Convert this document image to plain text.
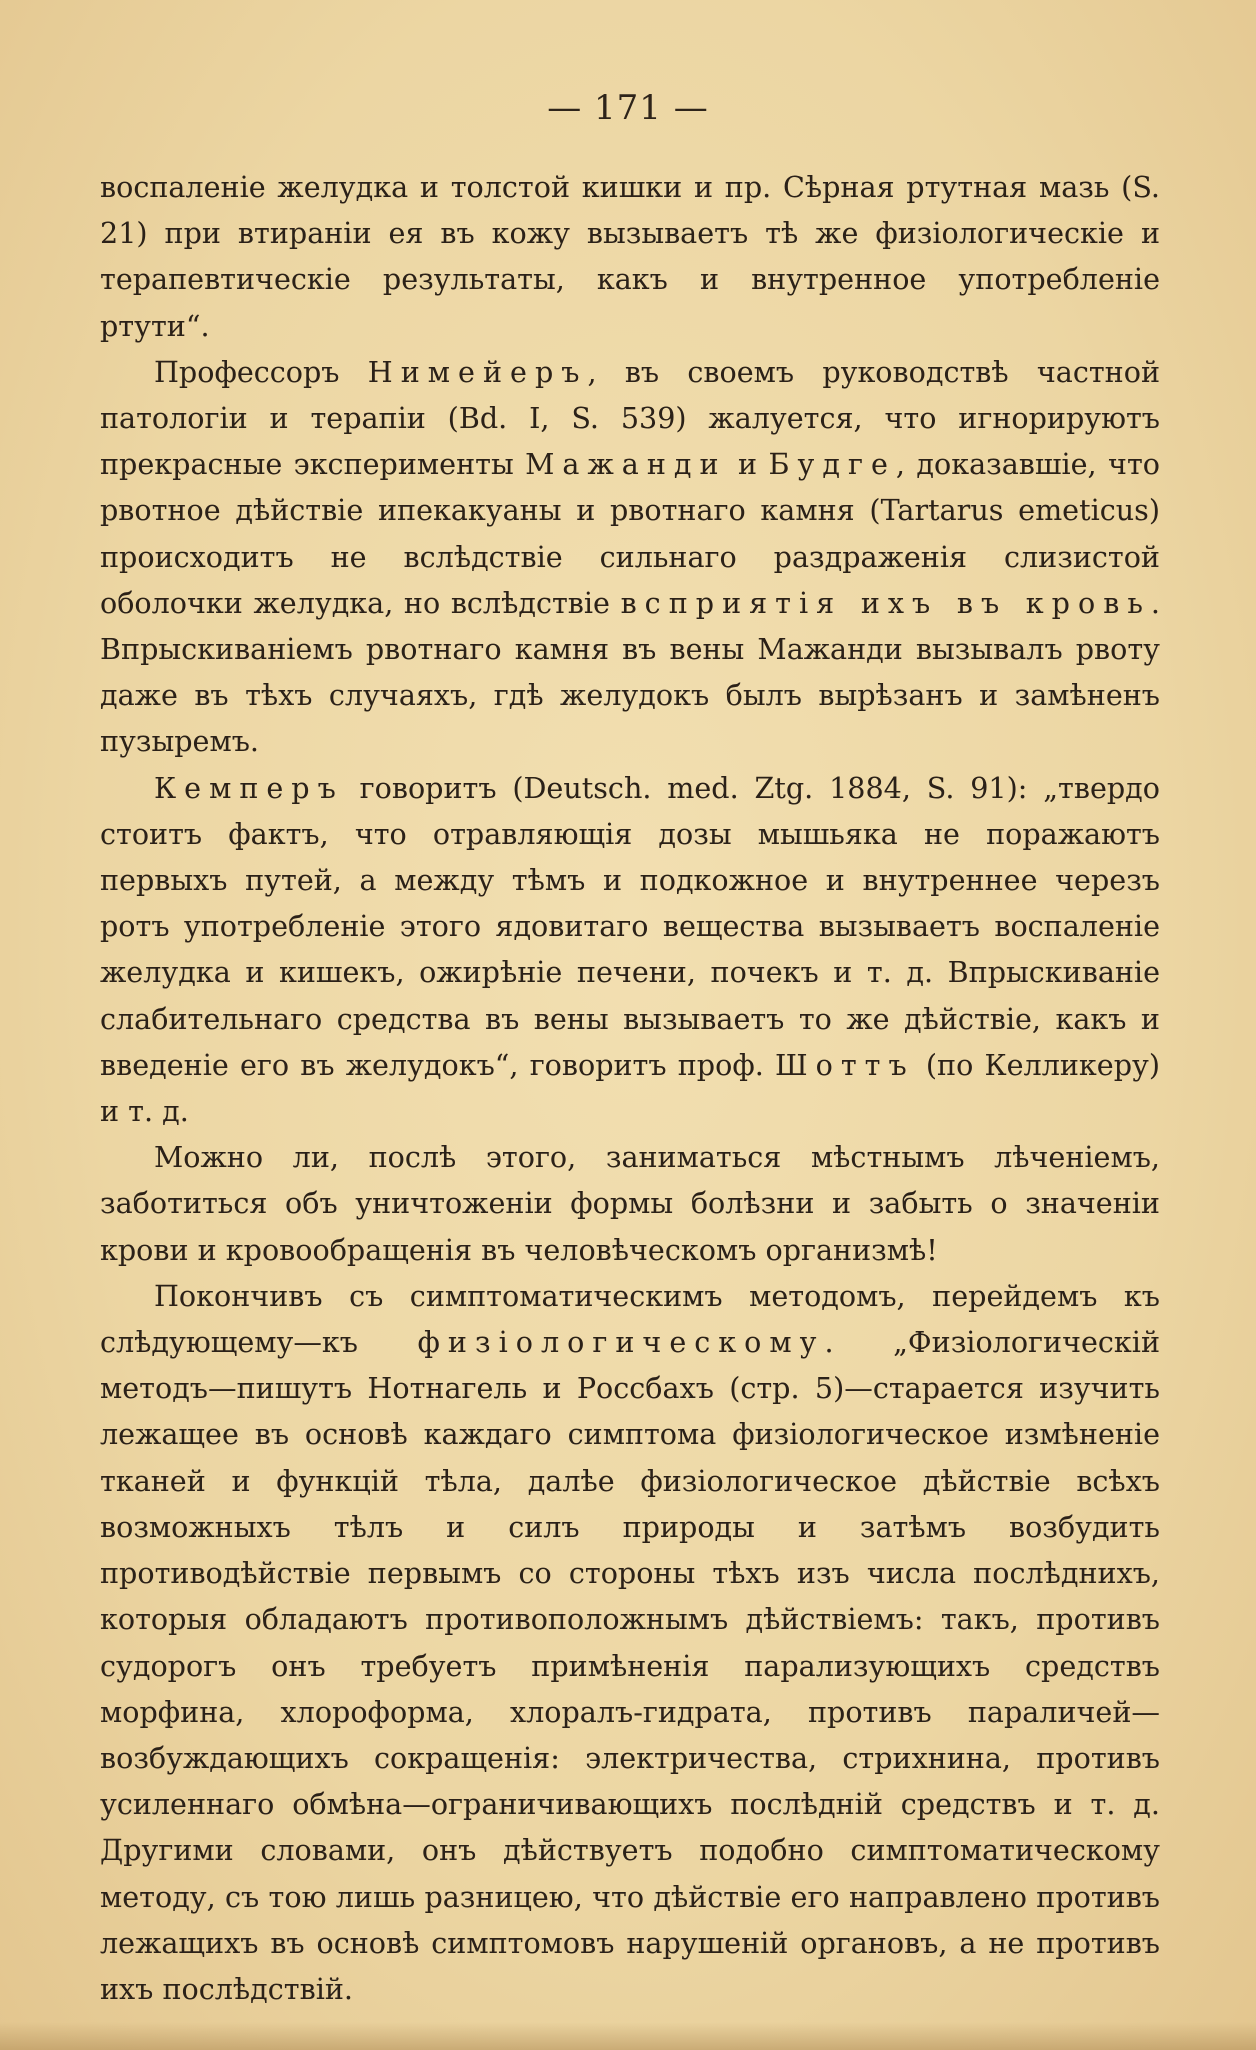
— 171 —

воспаленіе желудка и толстой кишки и пр. Сѣрная ртутная мазь (S. 21) при втираніи ея въ кожу вызываетъ тѣ же физіологическіе и терапевтическіе результаты, какъ и внутренное употребленіе ртути“.

Профессоръ Нимейеръ, въ своемъ руководствѣ частной патологіи и терапіи (Bd. I, S. 539) жалуется, что игнорируютъ прекрасные эксперименты Мажанди и Будге, доказавшіе, что рвотное дѣйствіе ипекакуаны и рвотнаго камня (Tartarus emeticus) происходитъ не вслѣдствіе сильнаго раздраженія слизистой оболочки желудка, но вслѣдствіе всприятія ихъ въ кровь. Впрыскиваніемъ рвотнаго камня въ вены Мажанди вызывалъ рвоту даже въ тѣхъ случаяхъ, гдѣ желудокъ былъ вырѣзанъ и замѣненъ пузыремъ.

Кемперъ говоритъ (Deutsch. med. Ztg. 1884, S. 91): „твердо стоитъ фактъ, что отравляющія дозы мышьяка не поражаютъ первыхъ путей, а между тѣмъ и подкожное и внутреннее черезъ ротъ употребленіе этого ядовитаго вещества вызываетъ воспаленіе желудка и кишекъ, ожирѣніе печени, почекъ и т. д. Впрыскиваніе слабительнаго средства въ вены вызываетъ то же дѣйствіе, какъ и введеніе его въ желудокъ“, говоритъ проф. Шоттъ (по Келликеру) и т. д.

Можно ли, послѣ этого, заниматься мѣстнымъ лѣченіемъ, заботиться объ уничтоженіи формы болѣзни и забыть о значеніи крови и кровообращенія въ человѣческомъ организмѣ!

Покончивъ съ симптоматическимъ методомъ, перейдемъ къ слѣдующему—къ физіологическому. „Физіологическій методъ—пишутъ Нотнагель и Россбахъ (стр. 5)—старается изучить лежащее въ основѣ каждаго симптома физіологическое измѣненіе тканей и функцій тѣла, далѣе физіологическое дѣйствіе всѣхъ возможныхъ тѣлъ и силъ природы и затѣмъ возбудить противодѣйствіе первымъ со стороны тѣхъ изъ числа послѣднихъ, которыя обладаютъ противоположнымъ дѣйствіемъ: такъ, противъ судорогъ онъ требуетъ примѣненія парализующихъ средствъ морфина, хлороформа, хлоралъ-гидрата, противъ параличей—возбуждающихъ сокращенія: электричества, стрихнина, противъ усиленнаго обмѣна—ограничивающихъ послѣдній средствъ и т. д. Другими словами, онъ дѣйствуетъ подобно симптоматическому методу, съ тою лишь разницею, что дѣйствіе его направлено противъ лежащихъ въ основѣ симптомовъ нарушеній органовъ, а не противъ ихъ послѣдствій.
